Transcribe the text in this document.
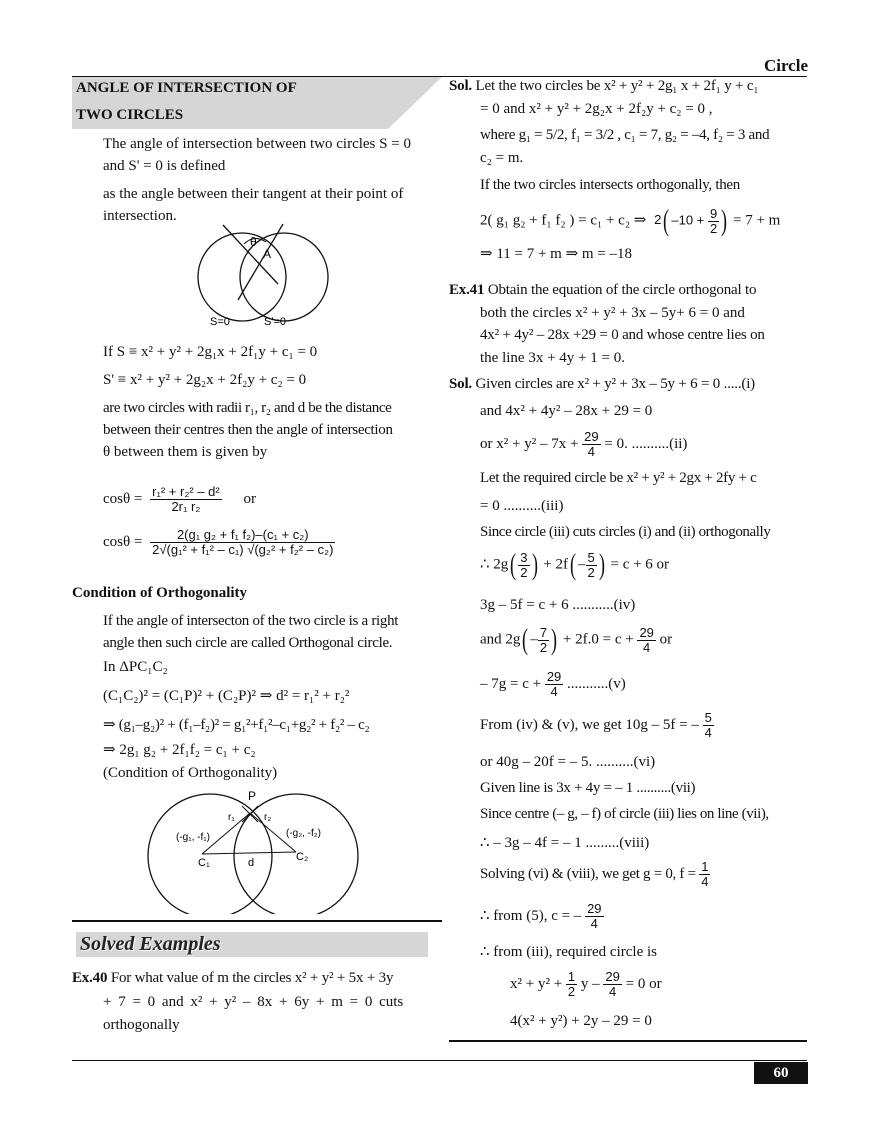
Circle
ANGLE OF INTERSECTION OF
TWO CIRCLES
The angle of intersection between two circles S = 0
and S' = 0 is defined
as the angle between their tangent at their point of
intersection.
θ
A
S=0	S'=0
If S ≡ x² + y² + 2g₁x + 2f₁y + c₁ = 0
S' ≡ x² + y² + 2g₂x + 2f₂y + c₂ = 0
are two circles with radii r₁, r₂ and d be the distance
between their centres then the angle of intersection
θ between them is given by
$\cos\theta = \frac{\text{r₁² + r₂² – d²}}{\text{2r₁ r₂}}$ or
$\cos\theta = \frac{\text{2(g₁ g₂ + f₁ f₂)–(c₁ + c₂)}}{\text{2√(g₁² + f₁² – c₁) √(g₂² + f₂² – c₂)}}$
Condition of Orthogonality
If the angle of intersecton of the two circle is a right
angle then such circle are called Orthogonal circle.
In ΔPC₁C₂
(C₁C₂)² = (C₁P)² + (C₂P)² ⇒ d² = r₁² + r₂²
⇒ (g₁–g₂)² + (f₁–f₂)² = g₁²+f₁²–c₁+g₂² + f₂² – c₂
⇒ 2g₁ g₂ + 2f₁f₂ = c₁ + c₂
(Condition of Orthogonality)
P
r₁	r₂
(-g₁, -f₁)	(-g₂, -f₂)
C₁	C₂
d
Solved Examples
Ex.40 For what value of m the circles x² + y² + 5x + 3y
+ 7 = 0 and x² + y² – 8x + 6y + m = 0 cuts
orthogonally
60
Sol. Let the two circles be x² + y² + 2g₁ x + 2f₁ y + c₁
= 0 and x² + y² + 2g₂x + 2f₂y + c₂ = 0 ,
where g₁ = 5/2, f₁ = 3/2 , c₁ = 7, g₂ = –4, f₂ = 3 and
c₂ = m.
If the two circles intersects orthogonally, then
2( g₁ g₂ + f₁ f₂ ) = c₁ + c₂ ⇒ 2( $-10 + \frac{9}{2}$ ) = 7 + m
⇒ 11 = 7 + m ⇒ m = –18
Ex.41 Obtain the equation of the circle orthogonal to
both the circles x² + y² + 3x – 5y+ 6 = 0 and
4x² + 4y² – 28x +29 = 0 and whose centre lies on
the line 3x + 4y + 1 = 0.
Sol. Given circles are x² + y² + 3x – 5y + 6 = 0 .....(i)
and 4x² + 4y² – 28x + 29 = 0
or $x^2 + y^2 - 7x + \frac{29}{4} = 0$. ..........(ii)
Let the required circle be x² + y² + 2gx + 2fy + c
= 0 ..........(iii)
Since circle (iii) cuts circles (i) and (ii) orthogonally
∴ $2g( \frac{3}{2}$ ) + $2f( - \frac{5}{2}$ ) = c + 6 or
3g – 5f = c + 6 ...........(iv)
and $2g( - \frac{7}{2}$ ) + $2f.0 = c + \frac{29}{4}$ or
– $7g = c + \frac{29}{4} ...........(v)$
From (iv) & (v), we get 10g – 5f = – $\frac{5}{4}$
or 40g – 20f = – 5. ..........(vi)
Given line is 3x + 4y = – 1 ..........(vii)
Since centre (– g, – f) of circle (iii) lies on line (vii),
∴ – 3g – 4f = – 1 .........(viii)
Solving (vi) & (viii), we get g = 0, $f = \frac{1}{4}$
∴ from (5), c = – $\frac{29}{4}$
∴ from (iii), required circle is
$x^2 + y^2 + \frac{1}{2}$ $y - \frac{29}{4} = 0$ or
4(x² + y²) + 2y – 29 = 0
